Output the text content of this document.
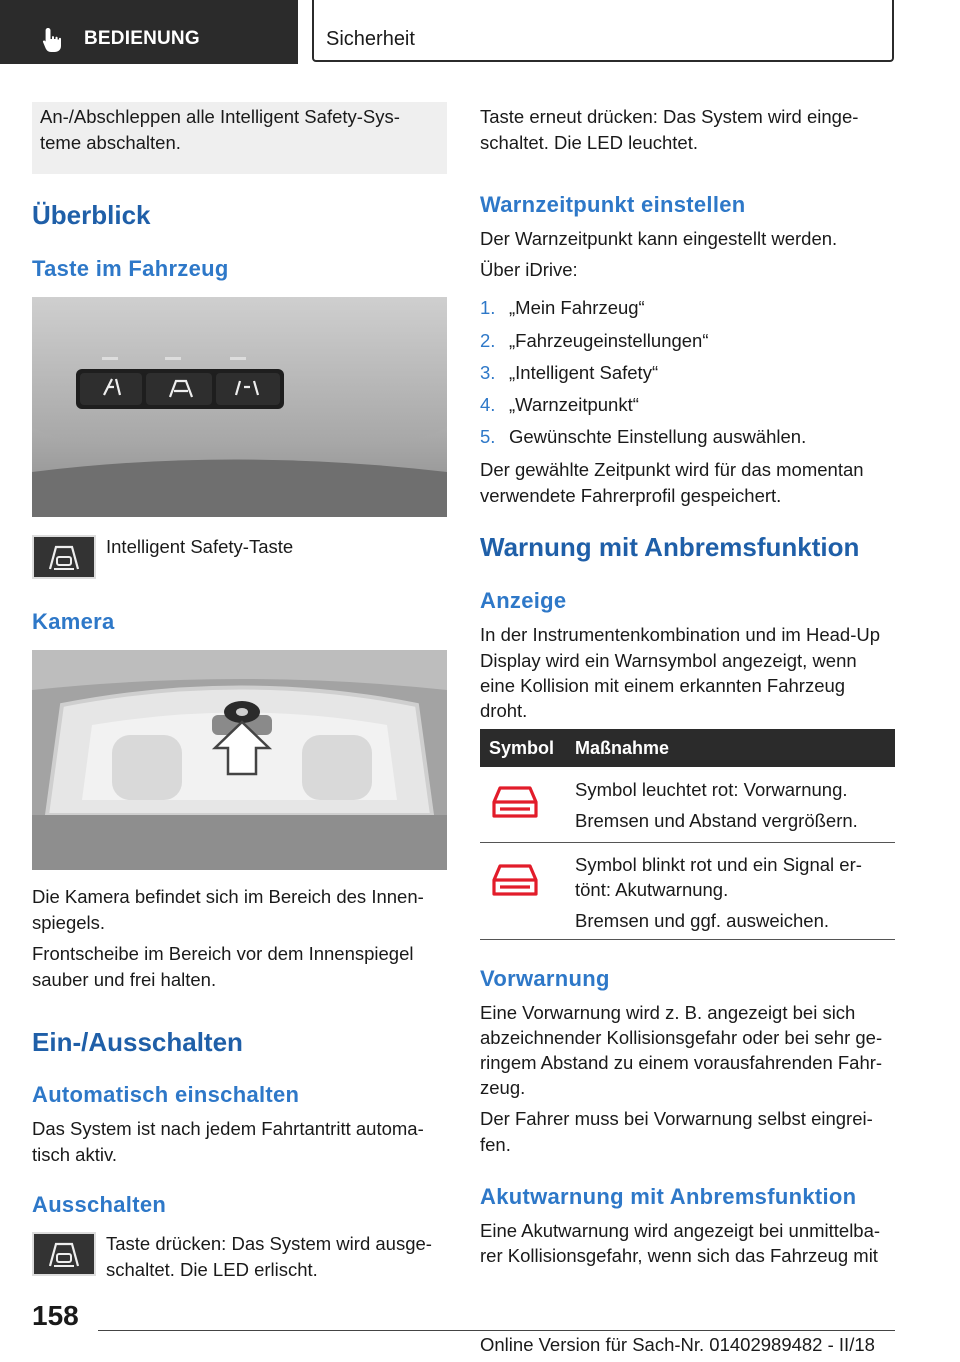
BEDIENUNG	Sicherheit
An-/Abschleppen alle Intelligent Safety-Sys-
teme abschalten.
Überblick
Taste im Fahrzeug
Intelligent Safety-Taste
Kamera
Die Kamera befindet sich im Bereich des Innen-
spiegels.
Frontscheibe im Bereich vor dem Innenspiegel
sauber und frei halten.
Ein-/Ausschalten
Automatisch einschalten
Das System ist nach jedem Fahrtantritt automa-
tisch aktiv.
Ausschalten
Taste drücken: Das System wird ausge-
schaltet. Die LED erlischt.
Taste erneut drücken: Das System wird einge-
schaltet. Die LED leuchtet.
Warnzeitpunkt einstellen
Der Warnzeitpunkt kann eingestellt werden.
Über iDrive:
1. „Mein Fahrzeug“
2. „Fahrzeugeinstellungen“
3. „Intelligent Safety“
4. „Warnzeitpunkt“
5. Gewünschte Einstellung auswählen.
Der gewählte Zeitpunkt wird für das momentan
verwendete Fahrerprofil gespeichert.
Warnung mit Anbremsfunktion
Anzeige
In der Instrumentenkombination und im Head-Up
Display wird ein Warnsymbol angezeigt, wenn
eine Kollision mit einem erkannten Fahrzeug
droht.
Symbol Maßnahme
Symbol leuchtet rot: Vorwarnung.
Bremsen und Abstand vergrößern.
Symbol blinkt rot und ein Signal er-
tönt: Akutwarnung.
Bremsen und ggf. ausweichen.
Vorwarnung
Eine Vorwarnung wird z. B. angezeigt bei sich
abzeichnender Kollisionsgefahr oder bei sehr ge-
ringem Abstand zu einem vorausfahrenden Fahr-
zeug.
Der Fahrer muss bei Vorwarnung selbst eingrei-
fen.
Akutwarnung mit Anbremsfunktion
Eine Akutwarnung wird angezeigt bei unmittelba-
rer Kollisionsgefahr, wenn sich das Fahrzeug mit
158
Online Version für Sach-Nr. 01402989482 - II/18
